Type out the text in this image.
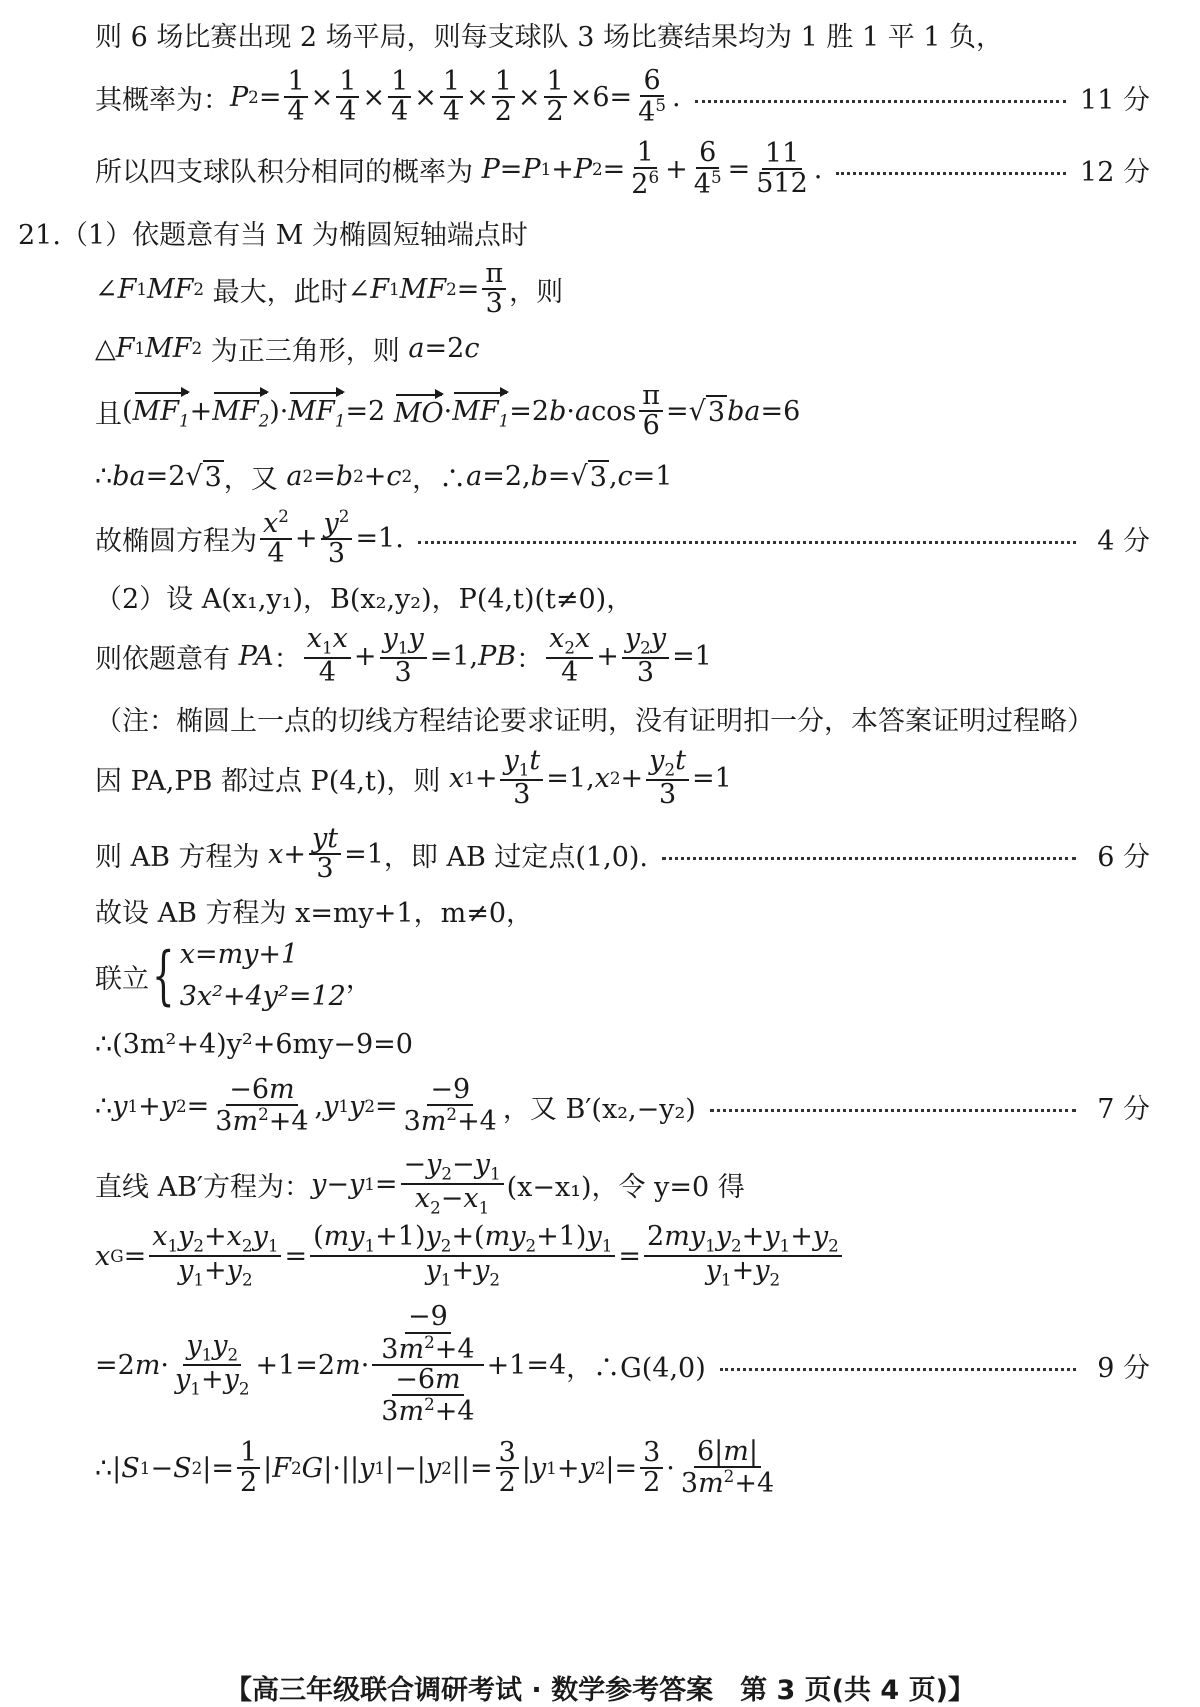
则 6 场比赛出现 2 场平局，则每支球队 3 场比赛结果均为 1 胜 1 平 1 负，
其概率为： P $2 = \frac{1}{4} \times \frac{1}{4} \times \frac{1}{4} \times \frac{1}{4} \times \frac{1}{2} \times \frac{1}{2} \times 6= \frac{6}{4^5}$ .	11 分
所以四支球队积分相同的概率为
P = P 1 + P $2 = \frac{1}{2^6} + \frac{6}{4^5} = \frac{11}{512}$ .	12 分
21.（1）依题意有当 M 为椭圆短轴端点时
∠ F 1 MF 2
最大，此时 ∠ F 1 MF $2 = \frac{\pi}{3}$ ，则
△ F 1 MF 2
为正三角形，则
a =2 c
且 ( $MF_1 + MF_2$ )· $MF_1 =2$ MO · $MF_1 =2$ b · a $\cos \frac{\pi}{6}$ =√ 3 ba =6
∴ ba =2√ 3 ，又
a 2 = b 2 + c 2 ，∴ a =2, b =√ 3 , c =1
故椭圆方程为 $\frac{x^2}{4} + \frac{y^2}{3} =1$.	4 分
（2）设 A(x₁,y₁)，B(x₂,y₂)，P(4,t)(t≠0)，
则依题意有
PA ： $\frac{x_1x}{4} + \frac{y_1y}{3} =1$, PB ： $\frac{x_2x}{4} + \frac{y_2y}{3} =1$
（注：椭圆上一点的切线方程结论要求证明，没有证明扣一分，本答案证明过程略）
因 PA,PB 都过点 P(4,t)，则
x $1 + \frac{y_1t}{3} =1$, x $2 + \frac{y_2t}{3} =1$
则 AB 方程为
$x + \frac{yt}{3} =1$ ，即 AB 过定点(1,0).	6 分
故设 AB 方程为 x=my+1，m≠0，
联立 { x=my+1
3x²+4y²=12
，
∴(3m²+4)y²+6my−9=0
∴ y 1 + y $2 = \frac{-6m}{3m^2+4}$ , y 1 y $2 = \frac{-9}{3m^2+4}$ ，又 B′(x₂,−y₂)	7 分
直线 AB′方程为： y − y $1 = \frac{-y_2-y_1}{x_2-x_1} (x-x_1)$，令 y=0 得
x $G = \frac{x_1y_2+x_2y_1}{y_1+y_2} = \frac{(my_1+1)y_2+(my_2+1)y_1}{y_1+y_2} = \frac{2my_1y_2+y_1+y_2}{y_1+y_2}$
=2 $m \cdot \frac{y_1y_2}{y_1+y_2} +1=2$ $m \cdot \frac{\frac{-9}{3m^2+4}}{\frac{-6m}{3m^2+4}} +1=4$ ，∴G(4,0)	9 分
∴| S 1 − S 2 |= $\frac{1}{2}$ | F 2 G |·|| y 1 |−| y 2 ||= $\frac{3}{2}$ | y 1 + y 2 |= $\frac{3}{2} \cdot \frac{6|m|}{3m^2+4}$
【高三年级联合调研考试 · 数学参考答案　第 3 页(共 4 页)】
